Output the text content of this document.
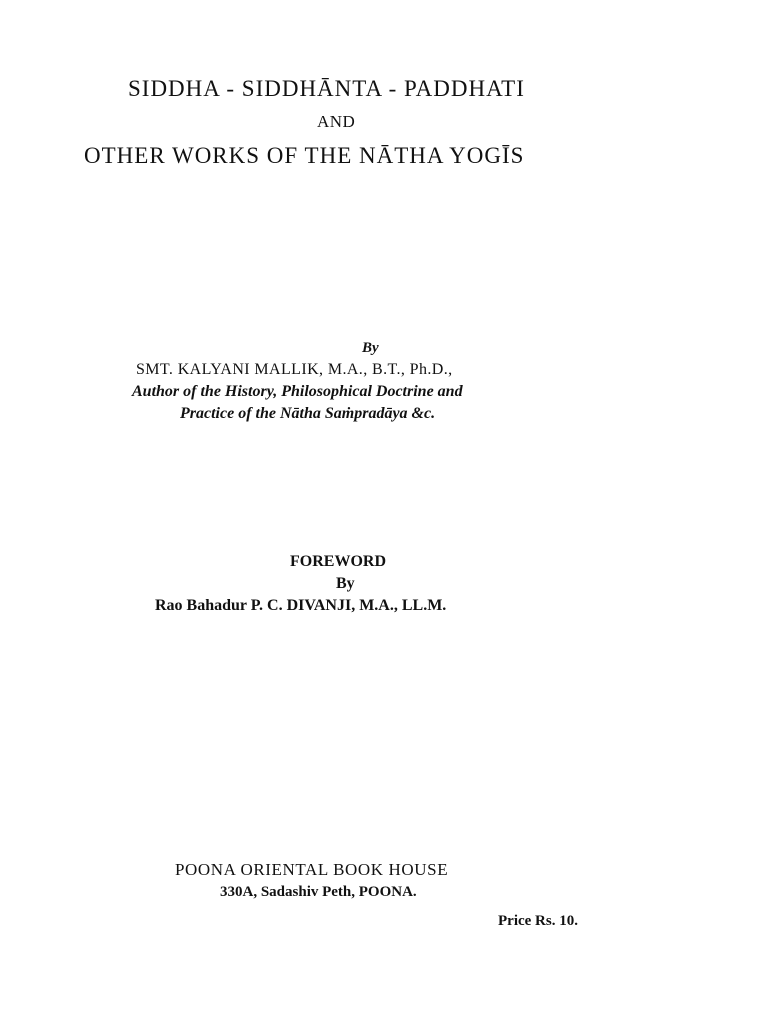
SIDDHA - SIDDHĀNTA - PADDHATI

AND

OTHER WORKS OF THE NĀTHA YOGĪS

By

SMT. KALYANI MALLIK, M.A., B.T., Ph.D.,

Author of the History, Philosophical Doctrine and

Practice of the Nātha Saṁpradāya &c.

FOREWORD

By

Rao Bahadur P. C. DIVANJI, M.A., LL.M.

POONA ORIENTAL BOOK HOUSE

330A, Sadashiv Peth, POONA.

Price Rs. 10.
